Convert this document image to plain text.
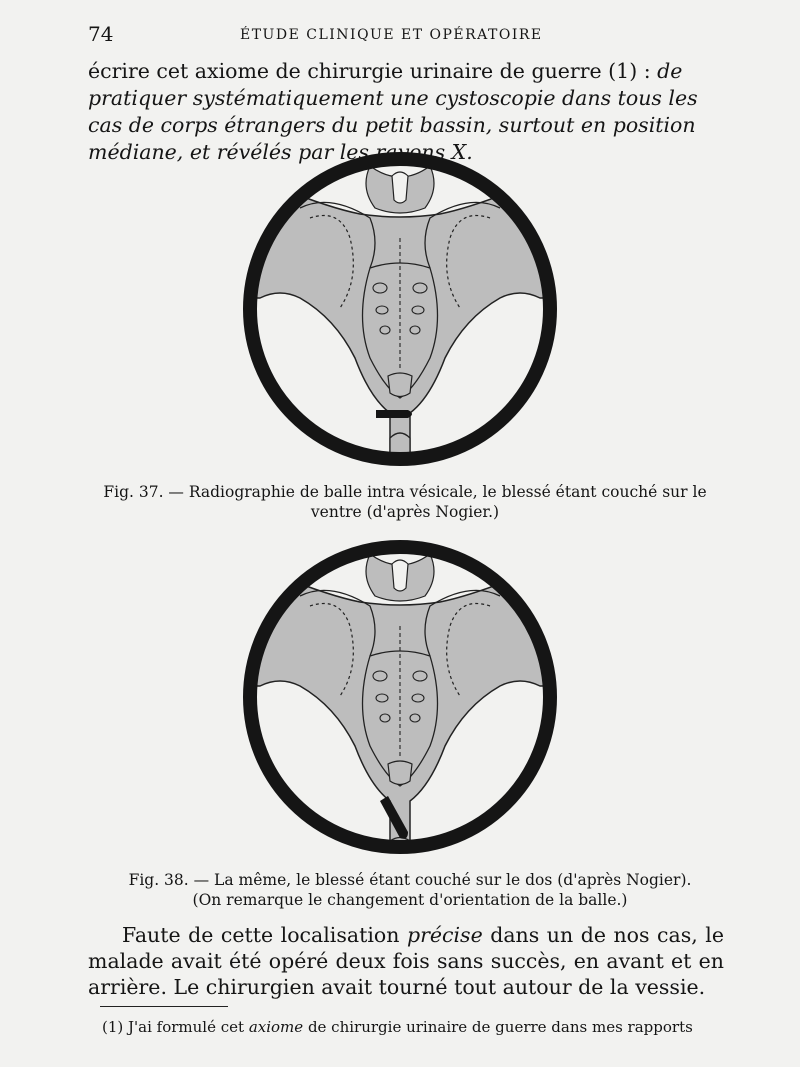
74	ÉTUDE CLINIQUE ET OPÉRATOIRE
écrire cet axiome de chirurgie urinaire de guerre (1) : de pratiquer systématiquement une cystoscopie dans tous les cas de corps étrangers du petit bassin, surtout en position médiane, et révélés par les rayons X.
Fig. 37. — Radiographie de balle intra vésicale, le blessé étant couché sur le
ventre (d'après Nogier.)
Fig. 38. — La même, le blessé étant couché sur le dos (d'après Nogier).
(On remarque le changement d'orientation de la balle.)
Faute de cette localisation précise dans un de nos cas, le malade avait été opéré deux fois sans succès, en avant et en arrière. Le chirurgien avait tourné tout autour de la vessie.
(1) J'ai formulé cet axiome de chirurgie urinaire de guerre dans mes rapports
